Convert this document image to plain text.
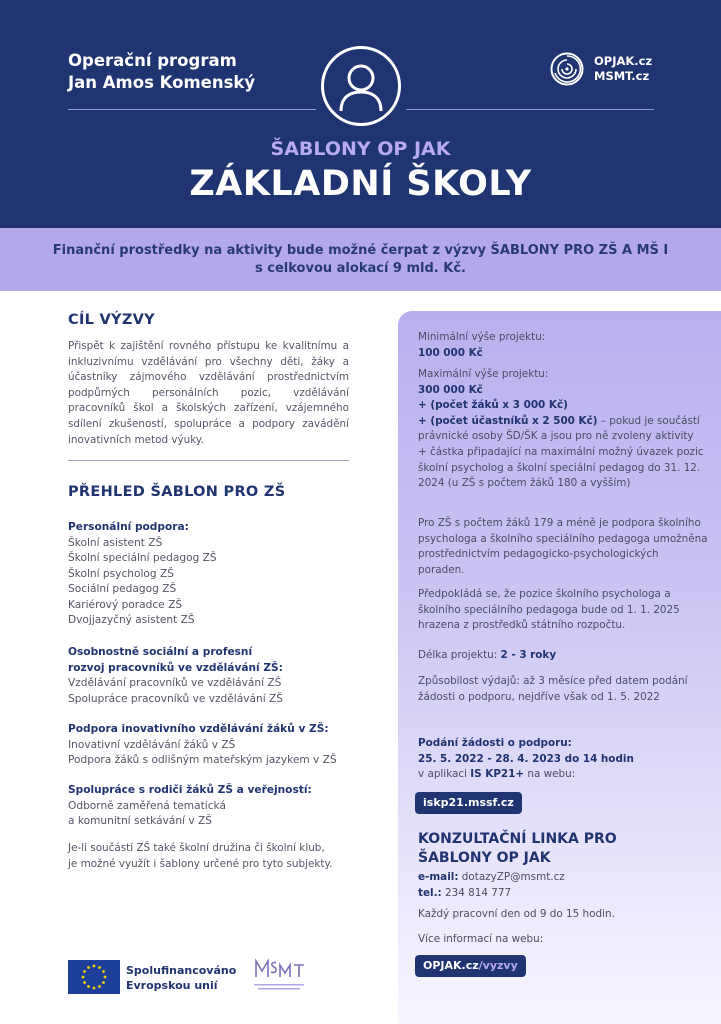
Operační program
Jan Amos Komenský
OPJAK.cz
MSMT.cz
ŠABLONY OP JAK
ZÁKLADNÍ ŠKOLY

Finanční prostředky na aktivity bude možné čerpat z výzvy ŠABLONY PRO ZŠ A MŠ I
s celkovou alokací 9 mld. Kč.

CÍL VÝZVY

Přispět k zajištění rovného přístupu ke kvalitnímu a inkluzivnímu vzdělávání pro všechny děti, žáky a účastníky zájmového vzdělávání prostřednictvím podpůrných personálních pozic, vzdělávání pracovníků škol a školských zařízení, vzájemného sdílení zkušeností, spolupráce a podpory zavádění inovativních metod výuky.

PŘEHLED ŠABLON PRO ZŠ
Personální podpora:
Školní asistent ZŠ
Školní speciální pedagog ZŠ
Školní psycholog ZŠ
Sociální pedagog ZŠ
Kariérový poradce ZŠ
Dvojjazyčný asistent ZŠ
Osobnostně sociální a profesní
rozvoj pracovníků ve vzdělávání ZŠ:
Vzdělávání pracovníků ve vzdělávání ZŠ
Spolupráce pracovníků ve vzdělávání ZŠ
Podpora inovativního vzdělávání žáků v ZŠ:
Inovativní vzdělávání žáků v ZŠ
Podpora žáků s odlišným mateřským jazykem v ZŠ
Spolupráce s rodiči žáků ZŠ a veřejností:
Odborně zaměřená tematická
a komunitní setkávání v ZŠ
Je-li součástí ZŠ také školní družina či školní klub,
je možné využít i šablony určené pro tyto subjekty.
Minimální výše projektu:
100 000 Kč
Maximální výše projektu:
300 000 Kč
+ (počet žáků x 3 000 Kč)
+ (počet účastníků x 2 500 Kč) – pokud je součástí právnické osoby ŠD/ŠK a jsou pro ně zvoleny aktivity
+ částka připadající na maximální možný úvazek pozic školní psycholog a školní speciální pedagog do 31. 12. 2024 (u ZŠ s počtem žáků 180 a vyšším)

Pro ZŠ s počtem žáků 179 a méně je podpora školního psychologa a školního speciálního pedagoga umožněna prostřednictvím pedagogicko-psychologických poraden.

Předpokládá se, že pozice školního psychologa a školního speciálního pedagoga bude od 1. 1. 2025 hrazena z prostředků státního rozpočtu.

Délka projektu: 2 - 3 roky

Způsobilost výdajů: až 3 měsíce před datem podání žádosti o podporu, nejdříve však od 1. 5. 2022

Podání žádosti o podporu:
25. 5. 2022 - 28. 4. 2023 do 14 hodin
v aplikaci IS KP21+ na webu:
iskp21.mssf.cz
KONZULTAČNÍ LINKA PRO
ŠABLONY OP JAK
e-mail: dotazyZP@msmt.cz
tel.: 234 814 777
Každý pracovní den od 9 do 15 hodin.
Více informací na webu:
OPJAK.cz/vyzvy
Spolufinancováno
Evropskou unií
